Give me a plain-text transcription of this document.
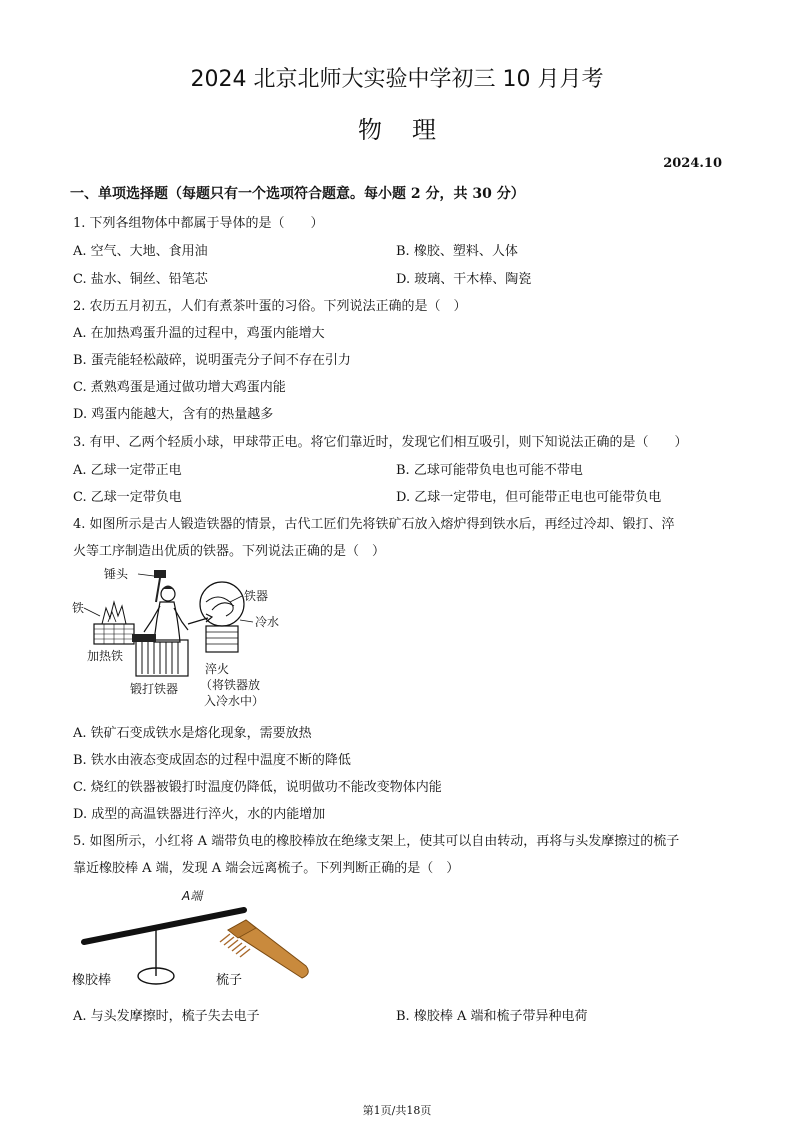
2024 北京北师大实验中学初三 10 月月考
物理
2024.10
一、单项选择题（每题只有一个选项符合题意。每小题 2 分，共 30 分）
1. 下列各组物体中都属于导体的是（　　）
A. 空气、大地、食用油	B. 橡胶、塑料、人体
C. 盐水、铜丝、铅笔芯	D. 玻璃、干木棒、陶瓷
2. 农历五月初五，人们有煮茶叶蛋的习俗。下列说法正确的是（　）
A. 在加热鸡蛋升温的过程中，鸡蛋内能增大
B. 蛋壳能轻松敲碎，说明蛋壳分子间不存在引力
C. 煮熟鸡蛋是通过做功增大鸡蛋内能
D. 鸡蛋内能越大，含有的热量越多
3. 有甲、乙两个轻质小球，甲球带正电。将它们靠近时，发现它们相互吸引，则下知说法正确的是（　　）
A. 乙球一定带正电	B. 乙球可能带负电也可能不带电
C. 乙球一定带负电	D. 乙球一定带电，但可能带正电也可能带负电
4. 如图所示是古人锻造铁器的情景，古代工匠们先将铁矿石放入熔炉得到铁水后，再经过冷却、锻打、淬
火等工序制造出优质的铁器。下列说法正确的是（　）
锤头
铁
加热铁
锻打铁器
铁器
冷水
淬火
（将铁器放
入冷水中）
A. 铁矿石变成铁水是熔化现象，需要放热
B. 铁水由液态变成固态的过程中温度不断的降低
C. 烧红的铁器被锻打时温度仍降低，说明做功不能改变物体内能
D. 成型的高温铁器进行淬火，水的内能增加
5. 如图所示，小红将 A 端带负电的橡胶棒放在绝缘支架上，使其可以自由转动，再将与头发摩擦过的梳子
靠近橡胶棒 A 端，发现 A 端会远离梳子。下列判断正确的是（　）
A端
橡胶棒	梳子
A. 与头发摩擦时，梳子失去电子	B. 橡胶棒 A 端和梳子带异种电荷
第1页/共18页
